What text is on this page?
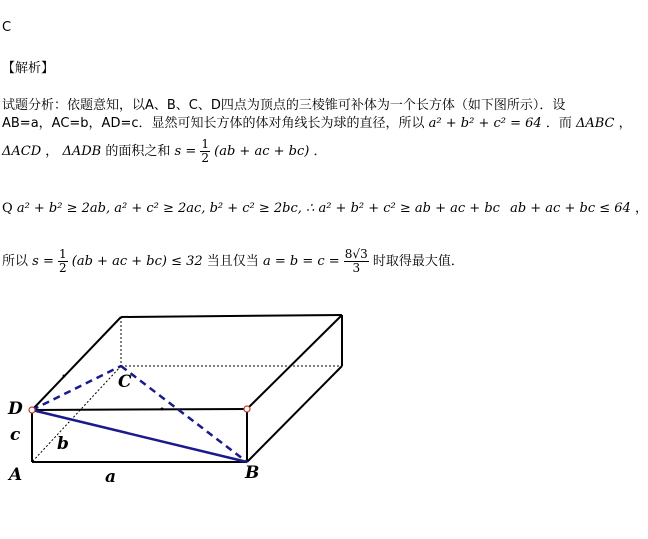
C
【解析】
试题分析：依题意知，以A、B、C、D四点为顶点的三棱锥可补体为一个长方体（如下图所示）．设
AB=a，AC=b，AD=c．显然可知长方体的体对角线长为球的直径，所以 a² + b² + c² = 64 ．而 ΔABC ，
ΔACD ， ΔADB 的面积之和 $s = \frac{1}{2} (ab$ + ac + bc) ．
Q a² + b² ≥ 2ab, a² + c² ≥ 2ac, b² + c² ≥ 2bc, ∴ a² + b² + c² ≥ ab + ac + bc ab + ac + bc ≤ 64 ，
所以 $s = \frac{1}{2} (ab$ + ac + bc) ≤ 32 当且仅当 $a = b = c = \frac{8√3}{3}$ 时取得最大值．
D
C
c b
A	a	B
